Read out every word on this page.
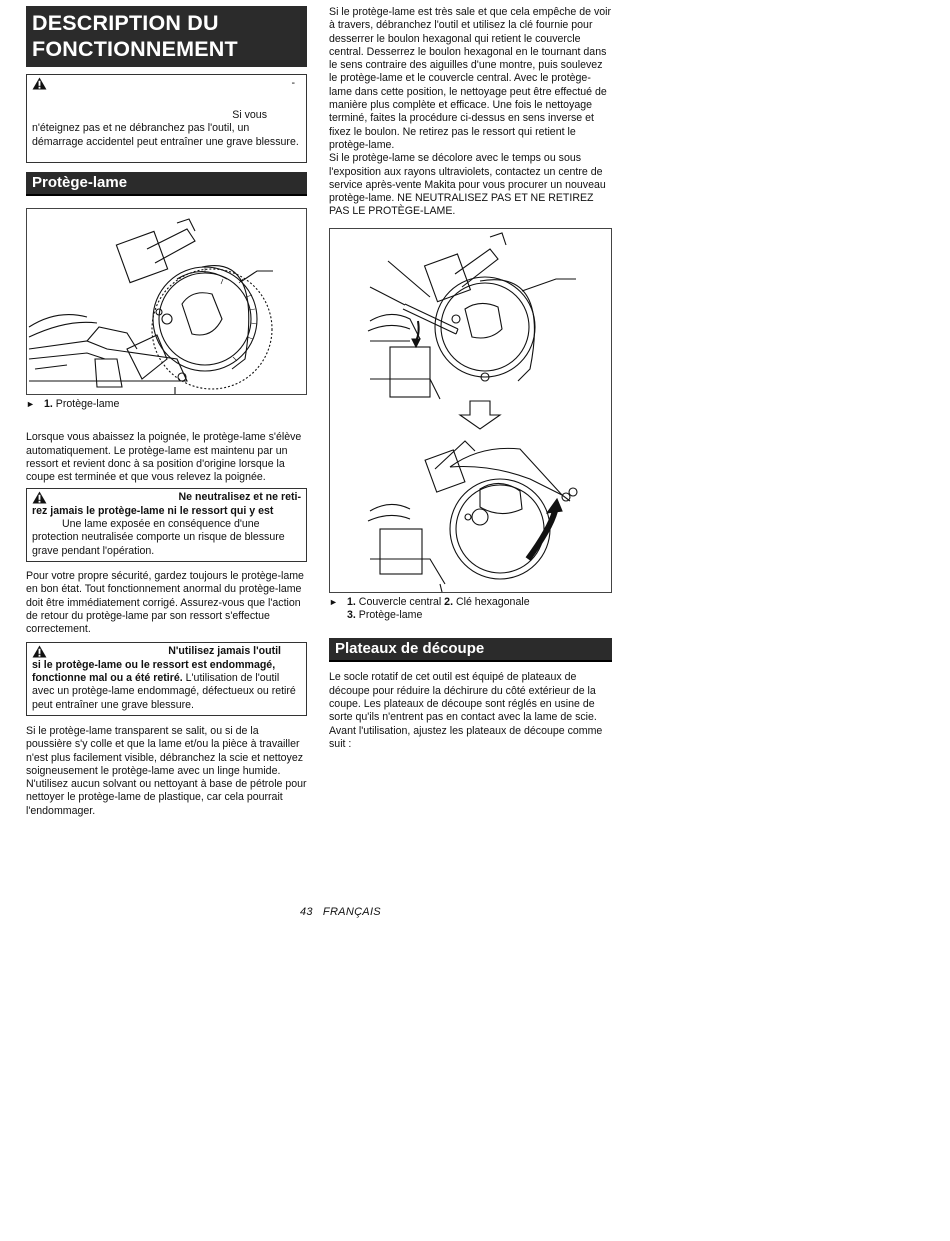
DESCRIPTION DU FONCTIONNEMENT
-
Si vous

n'éteignez pas et ne débranchez pas l'outil, un démarrage accidentel peut entraîner une grave blessure.

Protège-lame
► 1. Protège-lame

Lorsque vous abaissez la poignée, le protège-lame s'élève automatiquement. Le protège-lame est maintenu par un ressort et revient donc à sa position d'origine lorsque la coupe est terminée et que vous relevez la poignée.

Ne neutralisez et ne reti-
rez jamais le protège-lame ni le ressort qui y est

Une lame exposée en conséquence d'une protection neutralisée comporte un risque de blessure grave pendant l'opération.

Pour votre propre sécurité, gardez toujours le protège-lame en bon état. Tout fonctionnement anormal du protège-lame doit être immédiatement corrigé. Assurez-vous que l'action de retour du protège-lame par son ressort s'effectue correctement.

N'utilisez jamais l'outil

si le protège-lame ou le ressort est endommagé, fonctionne mal ou a été retiré. L'utilisation de l'outil avec un protège-lame endommagé, défectueux ou retiré peut entraîner une grave blessure.

Si le protège-lame transparent se salit, ou si de la poussière s'y colle et que la lame et/ou la pièce à travailler n'est plus facilement visible, débranchez la scie et nettoyez soigneusement le protège-lame avec un linge humide. N'utilisez aucun solvant ou nettoyant à base de pétrole pour nettoyer le protège-lame de plastique, car cela pourrait l'endommager.

Si le protège-lame est très sale et que cela empêche de voir à travers, débranchez l'outil et utilisez la clé fournie pour desserrer le boulon hexagonal qui retient le couvercle central. Desserrez le boulon hexagonal en le tournant dans le sens contraire des aiguilles d'une montre, puis soulevez le protège-lame et le couvercle central. Avec le protège-lame dans cette position, le nettoyage peut être effectué de manière plus complète et efficace. Une fois le nettoyage terminé, faites la procédure ci-dessus en sens inverse et fixez le boulon. Ne retirez pas le ressort qui retient le protège-lame.

Si le protège-lame se décolore avec le temps ou sous l'exposition aux rayons ultraviolets, contactez un centre de service après-vente Makita pour vous procurer un nouveau protège-lame. NE NEUTRALISEZ PAS ET NE RETIREZ PAS LE PROTÈGE-LAME.

► 1. Couvercle central 2. Clé hexagonale
3. Protège-lame
Plateaux de découpe

Le socle rotatif de cet outil est équipé de plateaux de découpe pour réduire la déchirure du côté extérieur de la coupe. Les plateaux de découpe sont réglés en usine de sorte qu'ils n'entrent pas en contact avec la lame de scie. Avant l'utilisation, ajustez les plateaux de découpe comme suit :

43 FRANÇAIS
